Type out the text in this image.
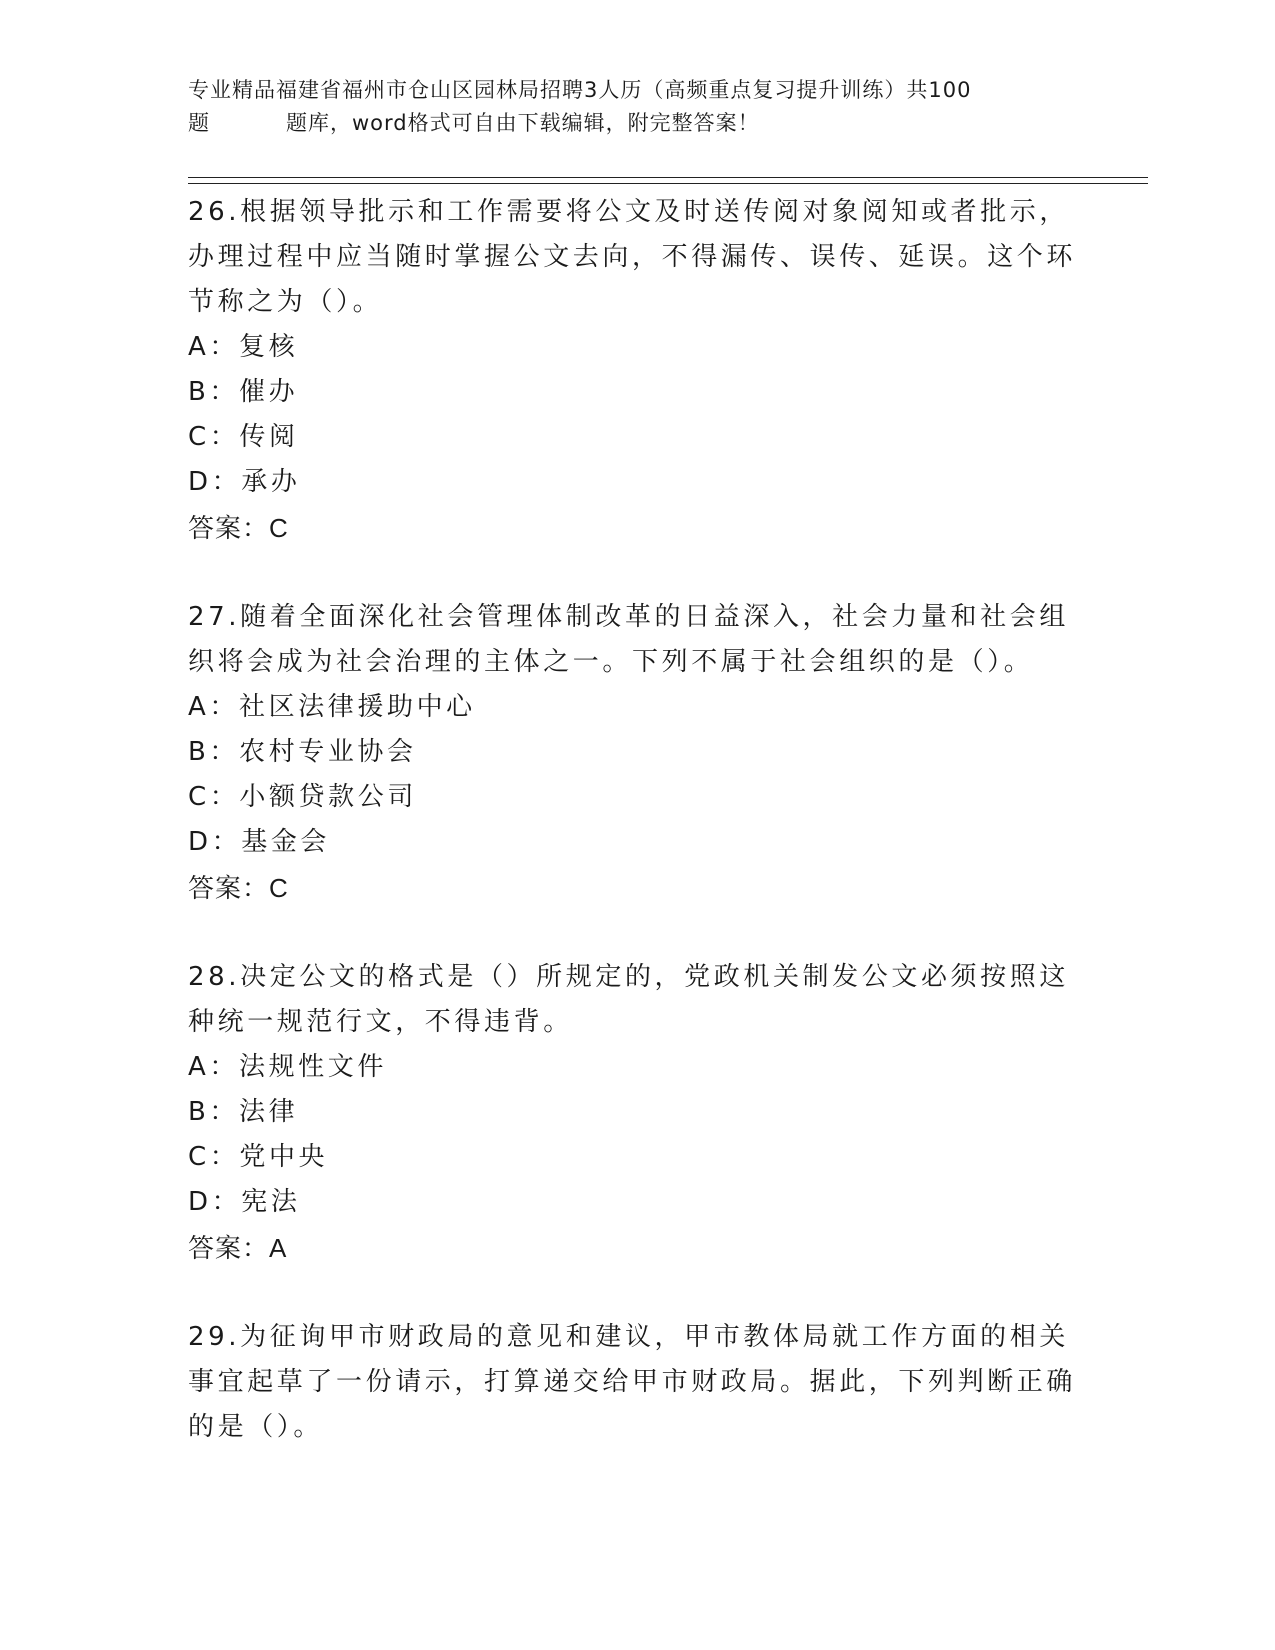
专业精品福建省福州市仓山区园林局招聘3人历（高频重点复习提升训练）共100
题	题库，word格式可自由下载编辑，附完整答案！

26.根据领导批示和工作需要将公文及时送传阅对象阅知或者批示，办理过程中应当随时掌握公文去向，不得漏传、误传、延误。这个环节称之为（）。

A：复核

B：催办

C：传阅

D：承办

答案：C

27.随着全面深化社会管理体制改革的日益深入，社会力量和社会组织将会成为社会治理的主体之一。下列不属于社会组织的是（）。

A：社区法律援助中心

B：农村专业协会

C：小额贷款公司

D：基金会

答案：C

28.决定公文的格式是（）所规定的，党政机关制发公文必须按照这种统一规范行文，不得违背。

A：法规性文件

B：法律

C：党中央

D：宪法

答案：A

29.为征询甲市财政局的意见和建议，甲市教体局就工作方面的相关事宜起草了一份请示，打算递交给甲市财政局。据此，下列判断正确的是（）。
